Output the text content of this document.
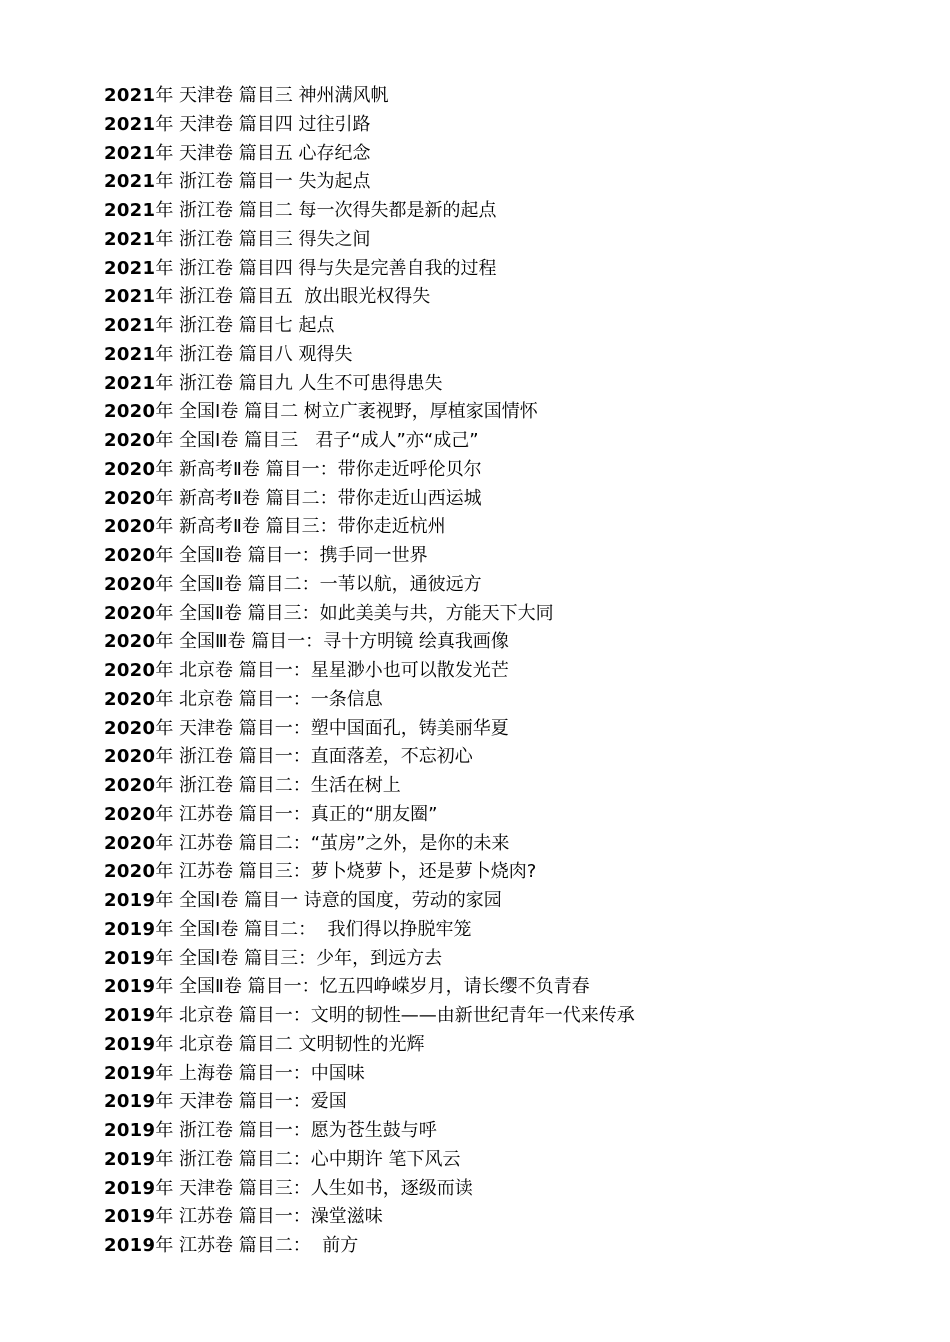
2021年 天津卷 篇目三 神州满风帆
2021年 天津卷 篇目四 过往引路
2021年 天津卷 篇目五 心存纪念
2021年 浙江卷 篇目一 失为起点
2021年 浙江卷 篇目二 每一次得失都是新的起点
2021年 浙江卷 篇目三 得失之间
2021年 浙江卷 篇目四 得与失是完善自我的过程
2021年 浙江卷 篇目五  放出眼光权得失
2021年 浙江卷 篇目七 起点
2021年 浙江卷 篇目八 观得失
2021年 浙江卷 篇目九 人生不可患得患失
2020年 全国Ⅰ卷 篇目二 树立广袤视野，厚植家国情怀
2020年 全国Ⅰ卷 篇目三   君子“成人”亦“成己”
2020年 新高考Ⅱ卷 篇目一：带你走近呼伦贝尔
2020年 新高考Ⅱ卷 篇目二：带你走近山西运城
2020年 新高考Ⅱ卷 篇目三：带你走近杭州
2020年 全国Ⅱ卷 篇目一：携手同一世界
2020年 全国Ⅱ卷 篇目二：一苇以航，通彼远方
2020年 全国Ⅱ卷 篇目三：如此美美与共，方能天下大同
2020年 全国Ⅲ卷 篇目一：寻十方明镜 绘真我画像
2020年 北京卷 篇目一：星星渺小也可以散发光芒
2020年 北京卷 篇目一：一条信息
2020年 天津卷 篇目一：塑中国面孔，铸美丽华夏
2020年 浙江卷 篇目一：直面落差，不忘初心
2020年 浙江卷 篇目二：生活在树上
2020年 江苏卷 篇目一：真正的“朋友圈”
2020年 江苏卷 篇目二：“茧房”之外，是你的未来
2020年 江苏卷 篇目三：萝卜烧萝卜，还是萝卜烧肉?
2019年 全国Ⅰ卷 篇目一 诗意的国度，劳动的家园
2019年 全国Ⅰ卷 篇目二：  我们得以挣脱牢笼
2019年 全国Ⅰ卷 篇目三：少年，到远方去
2019年 全国Ⅱ卷 篇目一：忆五四峥嵘岁月，请长缨不负青春
2019年 北京卷 篇目一：文明的韧性——由新世纪青年一代来传承
2019年 北京卷 篇目二 文明韧性的光辉
2019年 上海卷 篇目一：中国味
2019年 天津卷 篇目一：爱国
2019年 浙江卷 篇目一：愿为苍生鼓与呼
2019年 浙江卷 篇目二：心中期许 笔下风云
2019年 天津卷 篇目三：人生如书，逐级而读
2019年 江苏卷 篇目一：澡堂滋味
2019年 江苏卷 篇目二：  前方
